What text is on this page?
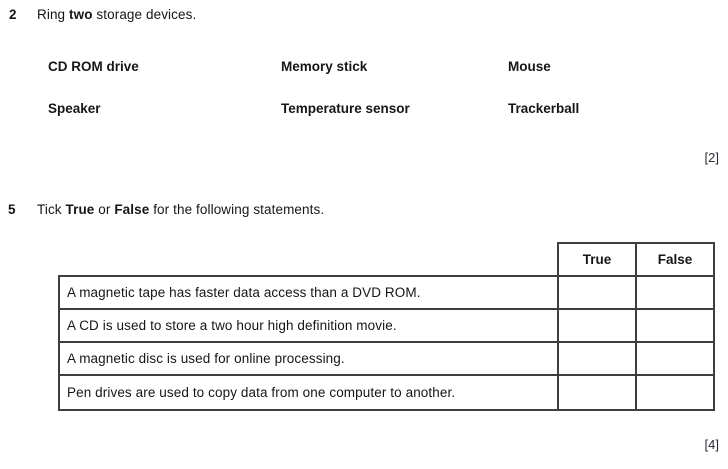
2 Ring two storage devices.
CD ROM drive	Memory stick	Mouse
Speaker	Temperature sensor	Trackerball
[2]
5 Tick True or False for the following statements.
	True	False
A magnetic tape has faster data access than a DVD ROM.		
A CD is used to store a two hour high definition movie.		
A magnetic disc is used for online processing.		
Pen drives are used to copy data from one computer to another.		
[4]
